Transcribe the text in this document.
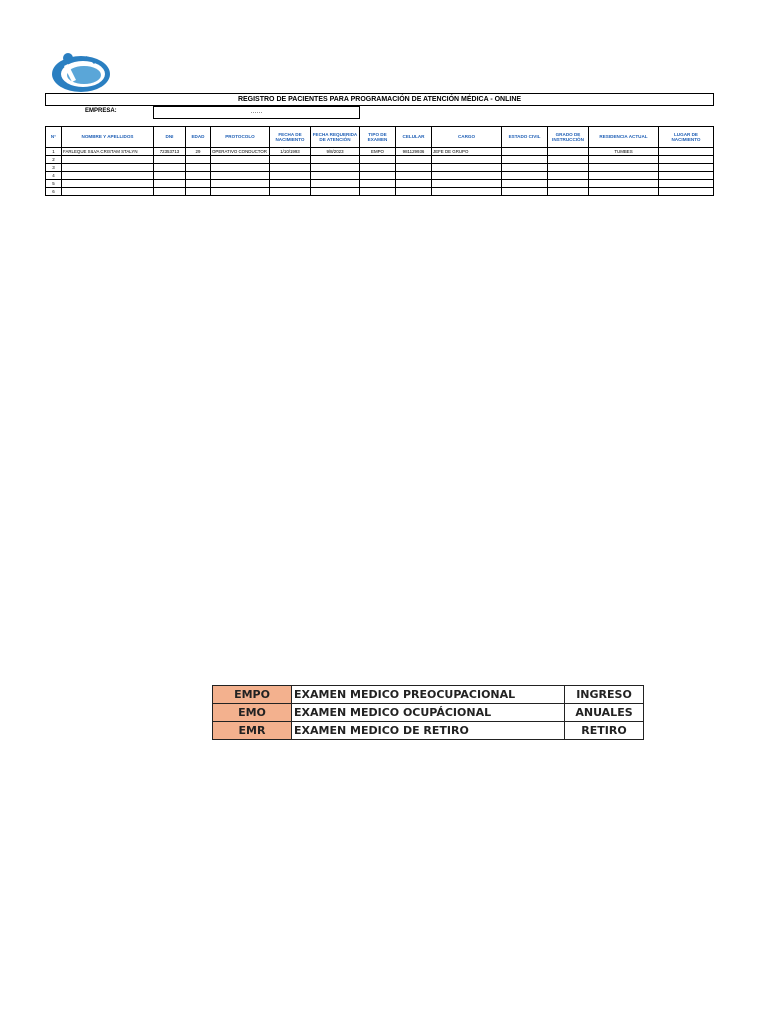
REGISTRO DE PACIENTES PARA PROGRAMACIÓN DE ATENCIÓN MÉDICA - ONLINE
EMPRESA:	……
N°	NOMBRE Y APELLIDOS	DNI	EDAD	PROTOCOLO	FECHA DE NACIMIENTO	FECHA REQUERIDA DE ATENCIÓN	TIPO DE EXAMEN	CELULAR	CARGO	ESTADO CIVIL	GRADO DE INSTRUCCIÓN	RESIDENCIA ACTUAL	LUGAR DE NACIMIENTO
1	FARLEQUE SILVA CRISTAM STALYN	72353713	29	OPERATIVO CONDUCTOR	1/10/1993	9/8/2023	EMPO	981129936	JEFE DE GRUPO			TUMBES	
2													
3													
4													
5													
6													
EMPO	EXAMEN MEDICO PREOCUPACIONAL	INGRESO
EMO	EXAMEN MEDICO OCUPÁCIONAL	ANUALES
EMR	EXAMEN MEDICO DE RETIRO	RETIRO
